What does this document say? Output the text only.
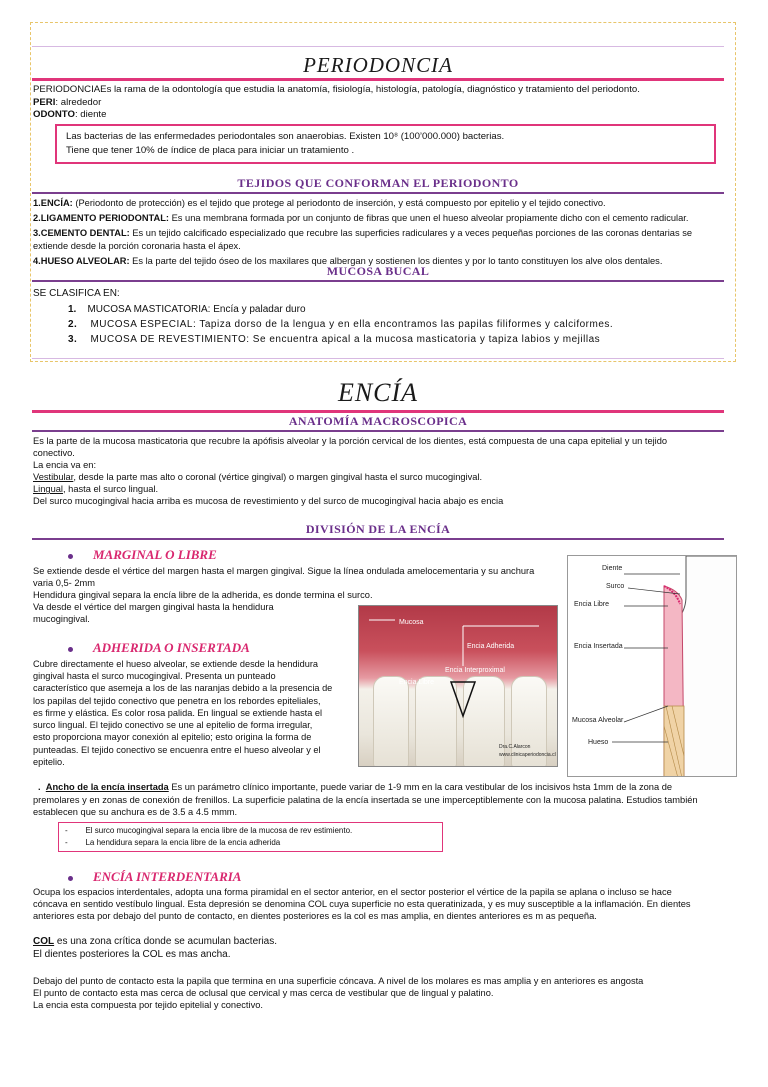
PERIODONCIA

PERIODONCIAEs la rama de la odontología que estudia la anatomía, fisiología, histología, patología, diagnóstico y tratamiento del periodonto.

PERI: alrededor

ODONTO: diente

Las bacterias de las enfermedades periodontales son anaerobias. Existen 10⁸ (100’000.000) bacterias.

Tiene que tener 10% de índice de placa para iniciar un tratamiento .

TEJIDOS QUE CONFORMAN EL PERIODONTO

1.ENCÍA: (Periodonto de protección) es el tejido que protege al periodonto de inserción, y está compuesto por epitelio y el tejido conectivo.

2.LIGAMENTO PERIODONTAL: Es una membrana formada por un conjunto de fibras que unen el hueso alveolar propiamente dicho con el cemento radicular.

3.CEMENTO DENTAL: Es un tejido calcificado especializado que recubre las superficies radiculares y a veces pequeñas porciones de las coronas dentarias se

extiende desde la porción coronaria hasta el ápex.

4.HUESO ALVEOLAR: Es la parte del tejido óseo de los maxilares que albergan y sostienen los dientes y por lo tanto constituyen los alve olos dentales.

MUCOSA BUCAL

SE CLASIFICA EN:

1. MUCOSA MASTICATORIA: Encía y paladar duro

2. MUCOSA ESPECIAL: Tapiza dorso de la lengua y en ella encontramos las papilas filiformes y calciformes.

3. MUCOSA DE REVESTIMIENTO: Se encuentra apical a la mucosa masticatoria y tapiza labios y mejillas

ENCÍA
ANATOMÍA MACROSCOPICA

Es la parte de la mucosa masticatoria que recubre la apófisis alveolar y la porción cervical de los dientes, está compuesta de una capa epitelial y un tejido

conectivo.

La encia va en:

Vestibular, desde la parte mas alto o coronal (vértice gingival) o margen gingival hasta el surco mucogingival.

Lingual, hasta el surco lingual.

Del surco mucogingival hacia arriba es mucosa de revestimiento y del surco de mucogingival hacia abajo es encia

DIVISIÓN DE LA ENCÍA
MARGINAL O LIBRE

Se extiende desde el vértice del margen hasta el margen gingival. Sigue la línea ondulada amelocementaria y su anchura

varia 0,5- 2mm

Hendidura gingival separa la encía libre de la adherida, es donde termina el surco.

Va desde el vértice del margen gingival hasta la hendidura

mucogingival.

ADHERIDA O INSERTADA

Cubre directamente el hueso alveolar, se extiende desde la hendidura

gingival hasta el surco mucogingival. Presenta un punteado

característico que asemeja a los de las naranjas debido a la presencia de

los papilas del tejido conectivo que penetra en los rebordes epiteliales,

es firme y elástica. Es color rosa palida. En lingual se extiende hasta el

surco lingual. El tejido conectivo se une al epitelio de forma irregular,

esto proporciona mayor conexión al epitelio; esto origina la forma de

punteadas. El tejido conectivo se encuenra entre el hueso alveolar y el

epitelio.

Mucosa
Encia Adherida
Encia Interproximal
Encia Libre
Dra.C.Alarcon
www.clinicaperiodoncia.cl
Diente
Surco
Encia Libre
Encia Insertada
Mucosa Alveolar
Hueso

. Ancho de la encía insertada Es un parámetro clínico importante, puede variar de 1-9 mm en la cara vestibular de los incisivos hsta 1mm de la zona de

premolares y en zonas de conexión de frenillos. La superficie palatina de la encía insertada se une imperceptiblemente con la mucosa palatina. Estudios también

establecen que su anchura es de 3.5 a 4.5 mmm.

-        El surco mucogingival separa la encia libre de la mucosa de rev estimiento.

-        La hendidura separa la encia libre de la encia adherida

ENCÍA INTERDENTARIA

Ocupa los espacios interdentales, adopta una forma piramidal en el sector anterior, en el sector posterior el vértice de la papila se aplana o incluso se hace

cóncava en sentido vestíbulo lingual. Esta depresión se denomina COL cuya superficie no esta queratinizada, y es muy susceptible a la inflamación. En dientes

anteriores esta por debajo del punto de contacto, en dientes posteriores es la col es mas amplia, en dientes anteriores es m as pequeña.

COL es una zona crítica donde se acumulan bacterias.

El dientes posteriores la COL es mas ancha.

Debajo del punto de contacto esta la papila que termina en una superficie cóncava. A nivel de los molares es mas amplia y en anteriores es angosta

El punto de contacto esta mas cerca de oclusal que cervical y mas cerca de vestibular que de lingual y palatino.

La encia esta compuesta por tejido epitelial y conectivo.
